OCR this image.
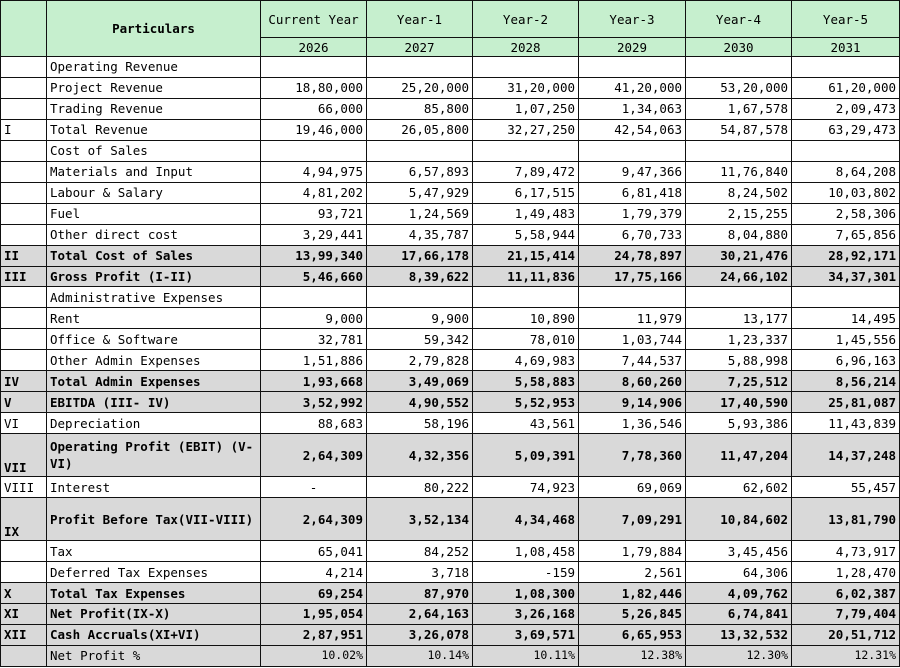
	Particulars	Current Year	Year-1	Year-2	Year-3	Year-4	Year-5
		2026	2027	2028	2029	2030	2031
	Operating Revenue						
	Project Revenue	18,80,000	25,20,000	31,20,000	41,20,000	53,20,000	61,20,000
	Trading Revenue	66,000	85,800	1,07,250	1,34,063	1,67,578	2,09,473
I	Total Revenue	19,46,000	26,05,800	32,27,250	42,54,063	54,87,578	63,29,473
	Cost of Sales						
	Materials and Input	4,94,975	6,57,893	7,89,472	9,47,366	11,76,840	8,64,208
	Labour & Salary	4,81,202	5,47,929	6,17,515	6,81,418	8,24,502	10,03,802
	Fuel	93,721	1,24,569	1,49,483	1,79,379	2,15,255	2,58,306
	Other direct cost	3,29,441	4,35,787	5,58,944	6,70,733	8,04,880	7,65,856
II	Total Cost of Sales	13,99,340	17,66,178	21,15,414	24,78,897	30,21,476	28,92,171
III	Gross Profit (I-II)	5,46,660	8,39,622	11,11,836	17,75,166	24,66,102	34,37,301
	Administrative Expenses						
	Rent	9,000	9,900	10,890	11,979	13,177	14,495
	Office & Software	32,781	59,342	78,010	1,03,744	1,23,337	1,45,556
	Other Admin Expenses	1,51,886	2,79,828	4,69,983	7,44,537	5,88,998	6,96,163
IV	Total Admin Expenses	1,93,668	3,49,069	5,58,883	8,60,260	7,25,512	8,56,214
V	EBITDA (III- IV)	3,52,992	4,90,552	5,52,953	9,14,906	17,40,590	25,81,087
VI	Depreciation	88,683	58,196	43,561	1,36,546	5,93,386	11,43,839
VII	Operating Profit (EBIT) (V-VI)	2,64,309	4,32,356	5,09,391	7,78,360	11,47,204	14,37,248
VIII	Interest	-	80,222	74,923	69,069	62,602	55,457
IX	Profit Before Tax(VII-VIII)	2,64,309	3,52,134	4,34,468	7,09,291	10,84,602	13,81,790
	Tax	65,041	84,252	1,08,458	1,79,884	3,45,456	4,73,917
	Deferred Tax Expenses	4,214	3,718	-159	2,561	64,306	1,28,470
X	Total Tax Expenses	69,254	87,970	1,08,300	1,82,446	4,09,762	6,02,387
XI	Net Profit(IX-X)	1,95,054	2,64,163	3,26,168	5,26,845	6,74,841	7,79,404
XII	Cash Accruals(XI+VI)	2,87,951	3,26,078	3,69,571	6,65,953	13,32,532	20,51,712
	Net Profit %	10.02%	10.14%	10.11%	12.38%	12.30%	12.31%
